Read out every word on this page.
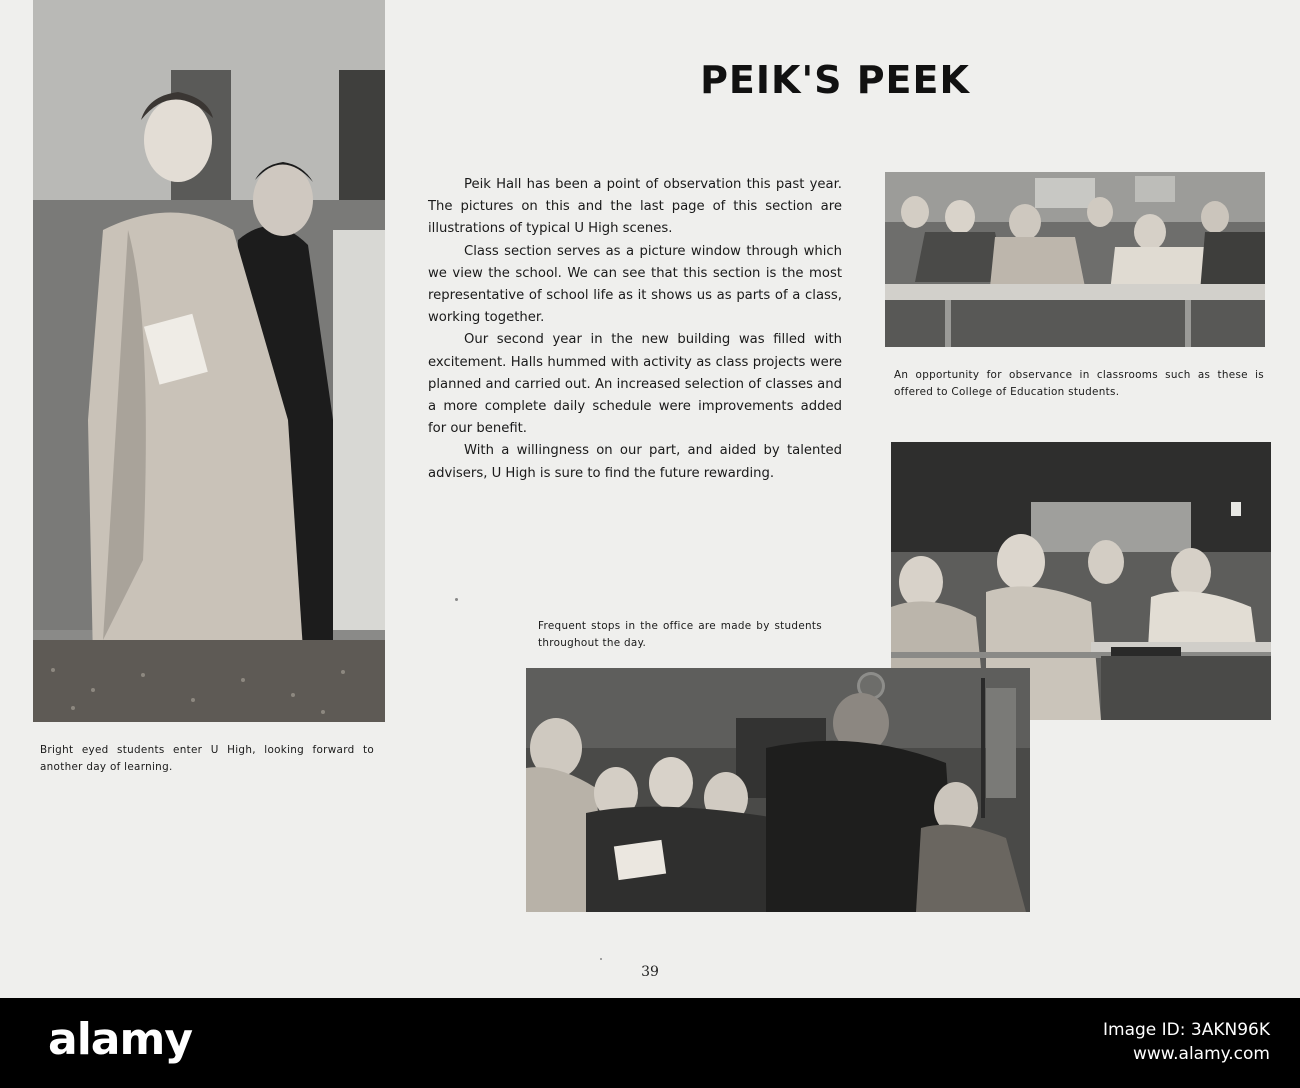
PEIK'S PEEK

Peik Hall has been a point of observation this past year. The pictures on this and the last page of this section are illustrations of typical U High scenes.

Class section serves as a picture window through which we view the school. We can see that this section is the most representative of school life as it shows us as parts of a class, working together.

Our second year in the new building was filled with excitement. Halls hummed with activity as class projects were planned and carried out. An increased selection of classes and a more complete daily schedule were improvements added for our benefit.

With a willingness on our part, and aided by talented advisers, U High is sure to find the future rewarding.

An opportunity for observance in classrooms such as these is offered to College of Education students.
Frequent stops in the office are made by students throughout the day.
Bright eyed students enter U High, looking forward to another day of learning.
39
alamy	Image ID: 3AKN96K
www.alamy.com
